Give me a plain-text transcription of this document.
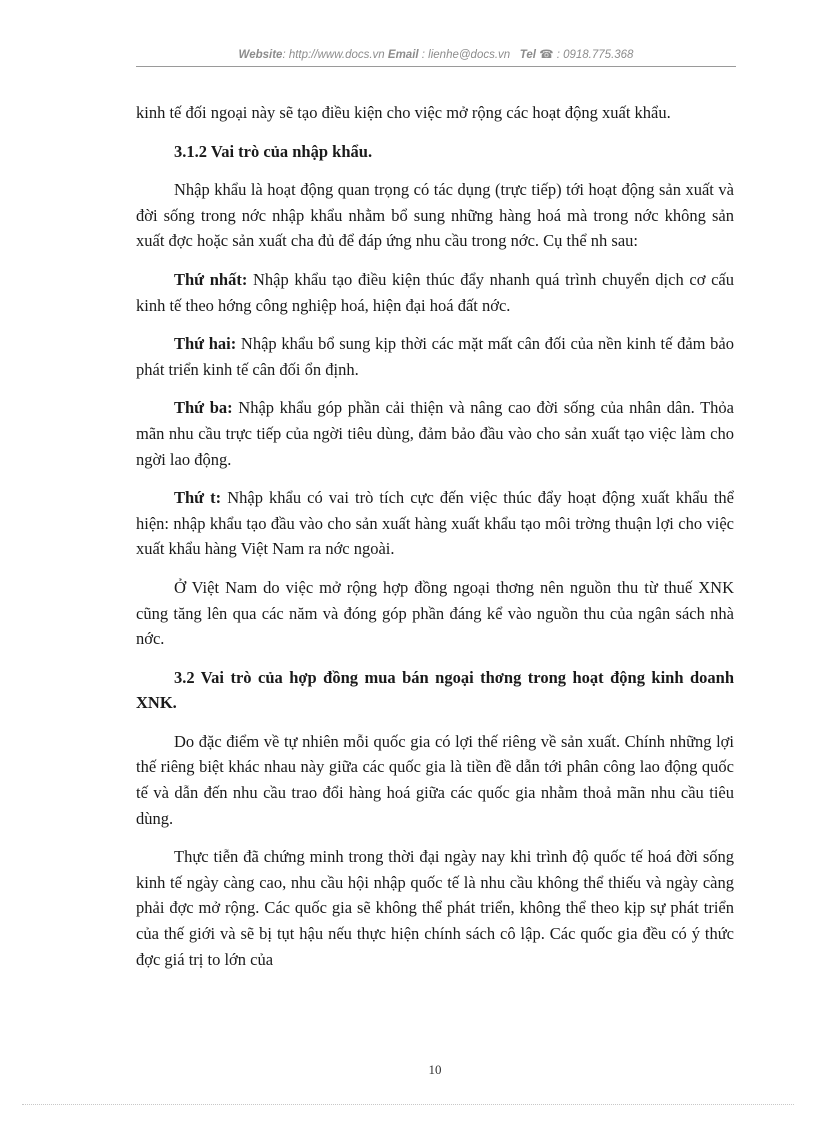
Website: http://www.docs.vn Email : lienhe@docs.vn Tel ☎ : 0918.775.368

kinh tế đối ngoại này sẽ tạo điều kiện cho việc mở rộng các hoạt động xuất khẩu.

3.1.2 Vai trò của nhập khẩu.

Nhập khẩu là hoạt động quan trọng có tác dụng (trực tiếp) tới hoạt động sản xuất và đời sống trong nớc nhập khẩu nhằm bổ sung những hàng hoá mà trong nớc không sản xuất đợc hoặc sản xuất cha đủ để đáp ứng nhu cầu trong nớc. Cụ thể nh sau:

Thứ nhất: Nhập khẩu tạo điều kiện thúc đẩy nhanh quá trình chuyển dịch cơ cấu kinh tế theo hớng công nghiệp hoá, hiện đại hoá đất nớc.

Thứ hai: Nhập khẩu bổ sung kịp thời các mặt mất cân đối của nền kinh tế đảm bảo phát triển kinh tế cân đối ổn định.

Thứ ba: Nhập khẩu góp phần cải thiện và nâng cao đời sống của nhân dân. Thỏa mãn nhu cầu trực tiếp của ngời tiêu dùng, đảm bảo đầu vào cho sản xuất tạo việc làm cho ngời lao động.

Thứ t: Nhập khẩu có vai trò tích cực đến việc thúc đẩy hoạt động xuất khẩu thể hiện: nhập khẩu tạo đầu vào cho sản xuất hàng xuất khẩu tạo môi trờng thuận lợi cho việc xuất khẩu hàng Việt Nam ra nớc ngoài.

Ở Việt Nam do việc mở rộng hợp đồng ngoại thơng nên nguồn thu từ thuế XNK cũng tăng lên qua các năm và đóng góp phần đáng kể vào nguồn thu của ngân sách nhà nớc.

3.2 Vai trò của hợp đồng mua bán ngoại thơng trong hoạt động kinh doanh XNK.

Do đặc điểm về tự nhiên mỗi quốc gia có lợi thế riêng về sản xuất. Chính những lợi thế riêng biệt khác nhau này giữa các quốc gia là tiền đề dẫn tới phân công lao động quốc tế và dẫn đến nhu cầu trao đổi hàng hoá giữa các quốc gia nhằm thoả mãn nhu cầu tiêu dùng.

Thực tiễn đã chứng minh trong thời đại ngày nay khi trình độ quốc tế hoá đời sống kinh tế ngày càng cao, nhu cầu hội nhập quốc tế là nhu cầu không thể thiếu và ngày càng phải đợc mở rộng. Các quốc gia sẽ không thể phát triển, không thể theo kịp sự phát triển của thế giới và sẽ bị tụt hậu nếu thực hiện chính sách cô lập. Các quốc gia đều có ý thức đợc giá trị to lớn của

10
